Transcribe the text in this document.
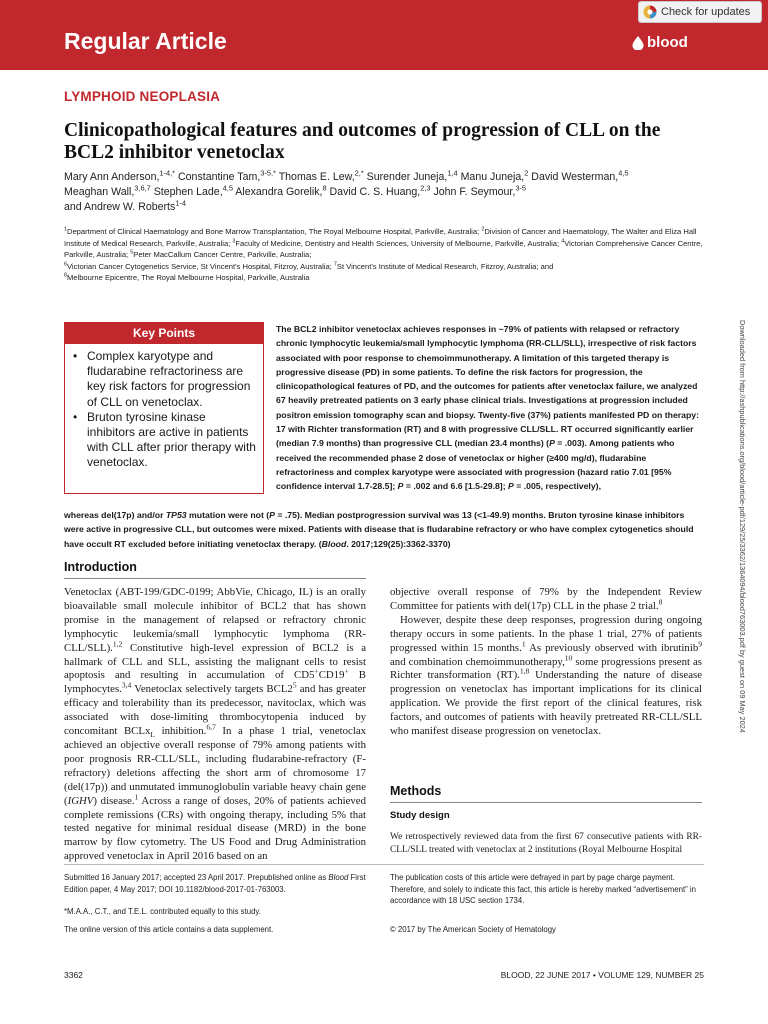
Regular Article
Check for updates
blood
LYMPHOID NEOPLASIA
Clinicopathological features and outcomes of progression of CLL on the
BCL2 inhibitor venetoclax
Mary Ann Anderson,$^{1-4,*}$ Constantine Tam,$^{3-5,*}$ Thomas E. Lew,$^{2,*}$ Surender Juneja,$^{1,4}$ Manu Juneja,$^2$ David Westerman,$^{4,5}$
Meaghan Wall,$^{3,6,7}$ Stephen Lade,$^{4,5}$ Alexandra Gorelik,$^8$ David C. S. Huang,$^{2,3}$ John F. Seymour,$^{3-5}$
and Andrew W. Roberts$^{1-4}$
$^1$Department of Clinical Haematology and Bone Marrow Transplantation, The Royal Melbourne Hospital, Parkville, Australia; $^2$Division of Cancer and Haematology, The Walter and Eliza Hall Institute of Medical Research, Parkville, Australia; $^3$Faculty of Medicine, Dentistry and Health Sciences, University of Melbourne, Parkville, Australia; $^4$Victorian Comprehensive Cancer Centre, Parkville, Australia; $^5$Peter MacCallum Cancer Centre, Parkville, Australia;
$^6$Victorian Cancer Cytogenetics Service, St Vincent's Hospital, Fitzroy, Australia; $^7$St Vincent's Institute of Medical Research, Fitzroy, Australia; and
$^8$Melbourne Epicentre, The Royal Melbourne Hospital, Parkville, Australia
Key Points
• Complex karyotype and fludarabine refractoriness are key risk factors for progression of CLL on venetoclax.
• Bruton tyrosine kinase inhibitors are active in patients with CLL after prior therapy with venetoclax.
The BCL2 inhibitor venetoclax achieves responses in ~79% of patients with relapsed or refractory chronic lymphocytic leukemia/small lymphocytic lymphoma (RR-CLL/SLL), irrespective of risk factors associated with poor response to chemoimmunotherapy. A limitation of this targeted therapy is progressive disease (PD) in some patients. To define the risk factors for progression, the clinicopathological features of PD, and the outcomes for patients after venetoclax failure, we analyzed 67 heavily pretreated patients on 3 early phase clinical trials. Investigations at progression included positron emission tomography scan and biopsy. Twenty-five (37%) patients manifested PD on therapy: 17 with Richter transformation (RT) and 8 with progressive CLL/SLL. RT occurred significantly earlier (median 7.9 months) than progressive CLL (median 23.4 months) (P = .003). Among patients who received the recommended phase 2 dose of venetoclax or higher (≥400 mg/d), fludarabine refractoriness and complex karyotype were associated with progression (hazard ratio 7.01 [95% confidence interval 1.7-28.5]; P = .002 and 6.6 [1.5-29.8]; P = .005, respectively),
whereas del(17p) and/or TP53 mutation were not (P = .75). Median postprogression survival was 13 (<1-49.9) months. Bruton tyrosine kinase inhibitors were active in progressive CLL, but outcomes were mixed. Patients with disease that is fludarabine refractory or who have complex cytogenetics should have occult RT excluded before initiating venetoclax therapy. (Blood. 2017;129(25):3362-3370)
Introduction

Venetoclax (ABT-199/GDC-0199; AbbVie, Chicago, IL) is an orally bioavailable small molecule inhibitor of BCL2 that has shown promise in the management of relapsed or refractory chronic lymphocytic leukemia/small lymphocytic lymphoma (RR-CLL/SLL).$^{1,2}$ Constitutive high-level expression of BCL2 is a hallmark of CLL and SLL, assisting the malignant cells to resist apoptosis and resulting in accumulation of CD5+CD19+ B lymphocytes.$^{3,4}$ Venetoclax selectively targets $BCL2^5$ and has greater efficacy and tolerability than its predecessor, navitoclax, which was associated with dose-limiting thrombocytopenia induced by concomitant BCLx$_L$ inhibition.$^{6,7}$ In a phase 1 trial, venetoclax achieved an objective overall response of 79% among patients with poor prognosis RR-CLL/SLL, including fludarabine-refractory (F-refractory) deletions affecting the short arm of chromosome 17 (del(17p)) and unmutated immunoglobulin variable heavy chain gene (IGHV) disease.$^1$ Across a range of doses, 20% of patients achieved complete remissions (CRs) with ongoing therapy, including 5% that tested negative for minimal residual disease (MRD) in the bone marrow by flow cytometry. The US Food and Drug Administration approved venetoclax in April 2016 based on an

objective overall response of 79% by the Independent Review Committee for patients with del(17p) CLL in the phase 2 trial.$^8$

However, despite these deep responses, progression during ongoing therapy occurs in some patients. In the phase 1 trial, 27% of patients progressed within 15 months.$^1$ As previously observed with ibrutinib$^9$ and combination chemoimmunotherapy,$^{10}$ some progressions present as Richter transformation (RT).$^{1,8}$ Understanding the nature of disease progression on venetoclax has important implications for its clinical application. We provide the first report of the clinical features, risk factors, and outcomes of patients with heavily pretreated RR-CLL/SLL who manifest disease progression on venetoclax.

Methods
Study design
We retrospectively reviewed data from the first 67 consecutive patients with RR-CLL/SLL treated with venetoclax at 2 institutions (Royal Melbourne Hospital
Submitted 16 January 2017; accepted 23 April 2017. Prepublished online as Blood First Edition paper, 4 May 2017; DOI 10.1182/blood-2017-01-763003.
*M.A.A., C.T., and T.E.L. contributed equally to this study.
The online version of this article contains a data supplement.
The publication costs of this article were defrayed in part by page charge payment. Therefore, and solely to indicate this fact, this article is hereby marked “advertisement” in accordance with 18 USC section 1734.
© 2017 by The American Society of Hematology
Downloaded from http://ashpublications.org/blood/article-pdf/129/25/3362/1364094/blood763003.pdf by guest on 09 May 2024
3362	BLOOD, 22 JUNE 2017 • VOLUME 129, NUMBER 25
